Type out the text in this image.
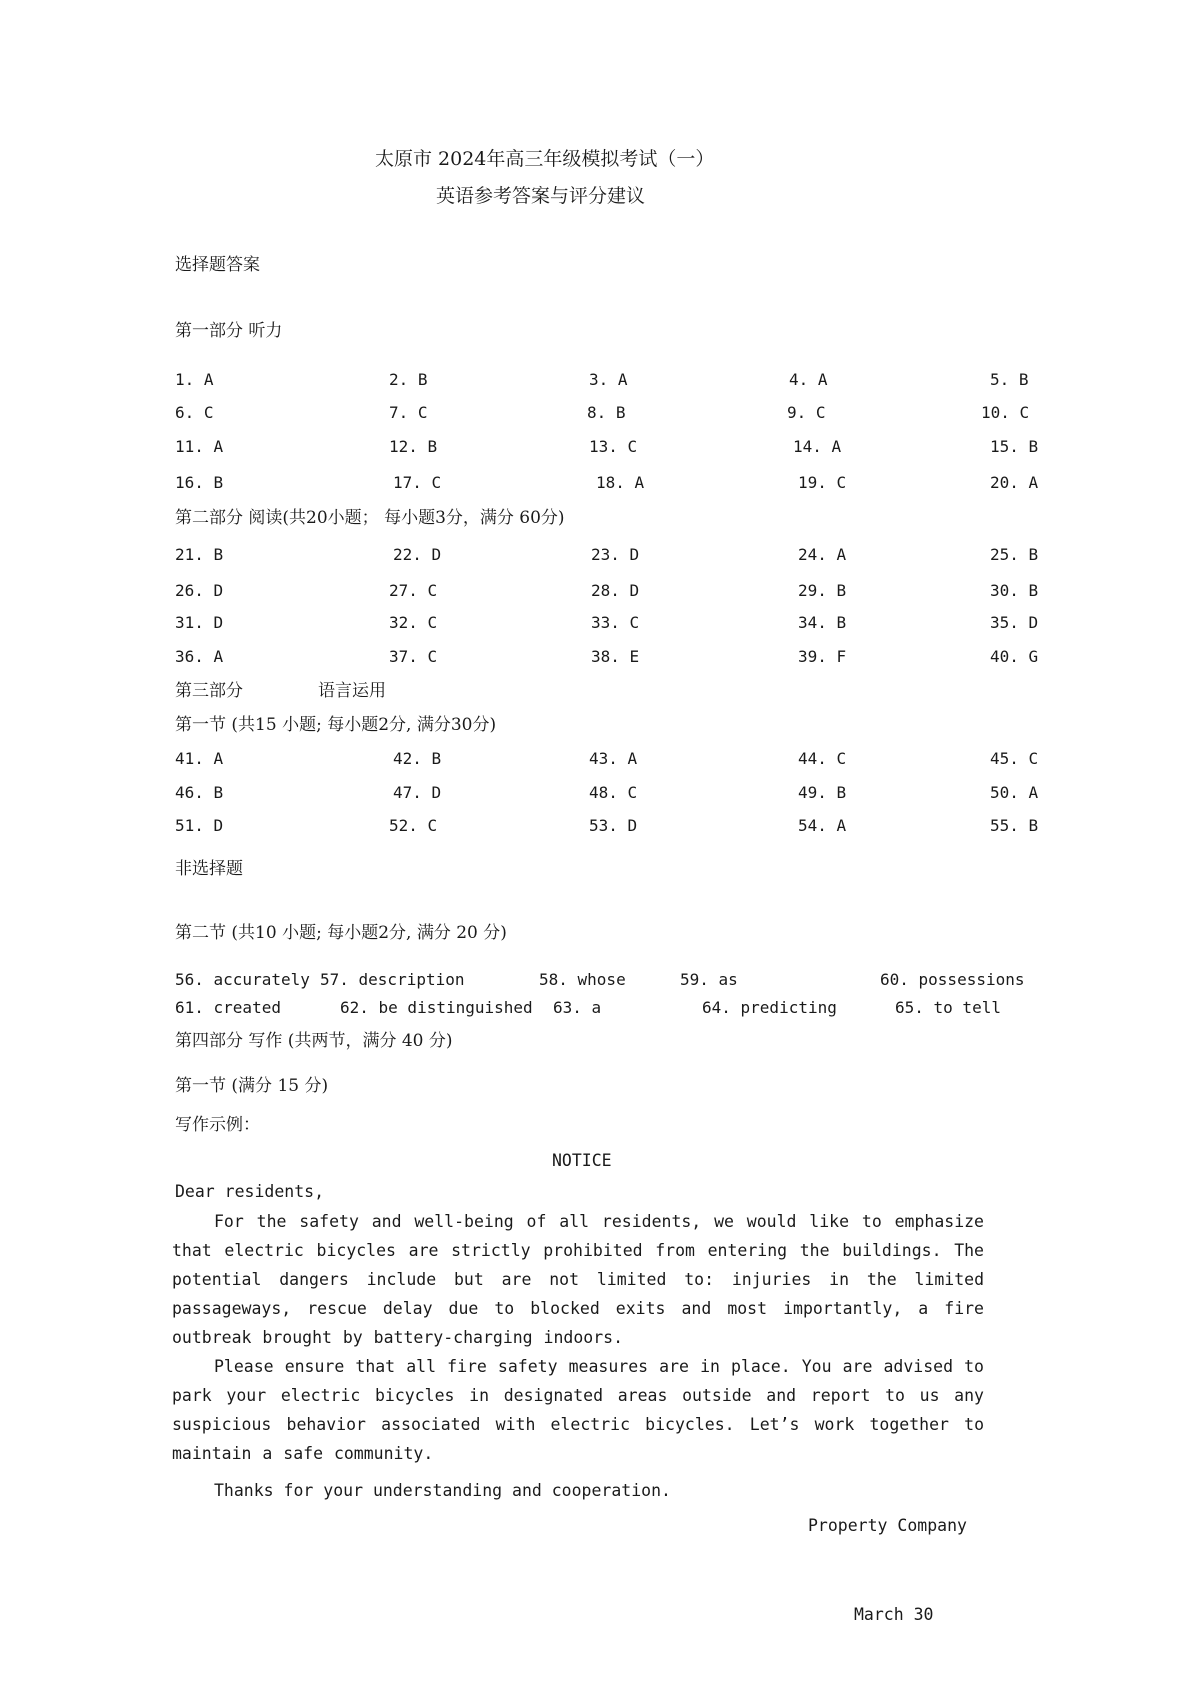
太原市 2024年高三年级模拟考试（一）
英语参考答案与评分建议
选择题答案
第一部分 听力
1. A	2. B	3. A	4. A	5. B
6. C	7. C	8. B	9. C	10. C
11. A	12. B	13. C	14. A	15. B
16. B	17. C	18. A	19. C	20. A
第二部分 阅读(共20小题； 每小题3分，满分 60分)
21. B	22. D	23. D	24. A	25. B
26. D	27. C	28. D	29. B	30. B
31. D	32. C	33. C	34. B	35. D
36. A	37. C	38. E	39. F	40. G
第三部分	语言运用
第一节 (共15 小题; 每小题2分, 满分30分)
41. A	42. B	43. A	44. C	45. C
46. B	47. D	48. C	49. B	50. A
51. D	52. C	53. D	54. A	55. B
非选择题
第二节 (共10 小题; 每小题2分, 满分 20 分)
56. accurately 57. description	58. whose	59. as	60. possessions
61. created	62. be distinguished 63. a	64. predicting	65. to tell
第四部分 写作 (共两节，满分 40 分)
第一节 (满分 15 分)
写作示例：
NOTICE
Dear residents,
For the safety and well-being of all residents, we would like to emphasize that electric bicycles are strictly prohibited from entering the buildings. The potential dangers include but are not limited to: injuries in the limited passageways, rescue delay due to blocked exits and most importantly, a fire outbreak brought by battery-charging indoors.
Please ensure that all fire safety measures are in place. You are advised to park your electric bicycles in designated areas outside and report to us any suspicious behavior associated with electric bicycles. Let’s work together to maintain a safe community.
Thanks for your understanding and cooperation.
Property Company
March 30
